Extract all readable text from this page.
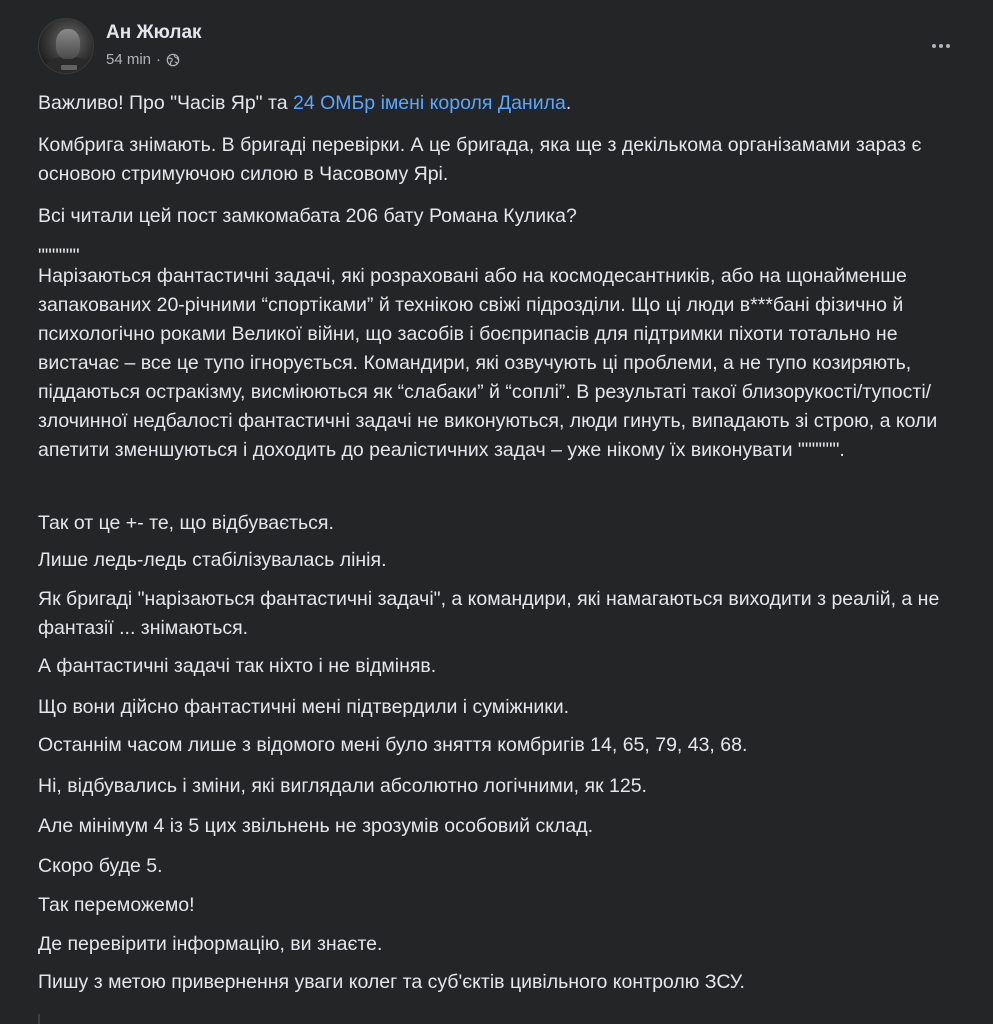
Ан Жюлак
54 min ·

Важливо! Про "Часів Яр" та 24 ОМБр імені короля Данила.

Комбрига знімають. В бригаді перевірки. А це бригада, яка ще з декількома організамами зараз є основою стримуючою силою в Часовому Ярі.

Всі читали цей пост замкомабата 206 бату Романа Кулика?
""""""

Нарізаються фантастичні задачі, які розраховані або на космодесантників, або на щонайменше запакованих 20-річними “спортіками” й технікою свіжі підрозділи. Що ці люди в***бані фізично й психологічно роками Великої війни, що засобів і боєприпасів для підтримки піхоти тотально не вистачає – все це тупо ігнорується. Командири, які озвучують ці проблеми, а не тупо козиряють, піддаються остракізму, висміюються як “слабаки” й “соплі”. В результаті такої близорукості/тупості/злочинної недбалості фантастичні задачі не виконуються, люди гинуть, випадають зі строю, а коли апетити зменшуються і доходить до реалістичних задач – уже нікому їх виконувати """""".

Так от це +- те, що відбувається.

Лише ледь-ледь стабілізувалась лінія.

Як бригаді "нарізаються фантастичні задачі", а командири, які намагаються виходити з реалій, а не фантазії ... знімаються.

А фантастичні задачі так ніхто і не відміняв.

Що вони дійсно фантастичні мені підтвердили і суміжники.

Останнім часом лише з відомого мені було зняття комбригів 14, 65, 79, 43, 68.

Ні, відбувались і зміни, які виглядали абсолютно логічними, як 125.

Але мінімум 4 із 5 цих звільнень не зрозумів особовий склад.

Скоро буде 5.

Так переможемо!

Де перевірити інформацію, ви знаєте.

Пишу з метою привернення уваги колег та суб'єктів цивільного контролю ЗСУ.
